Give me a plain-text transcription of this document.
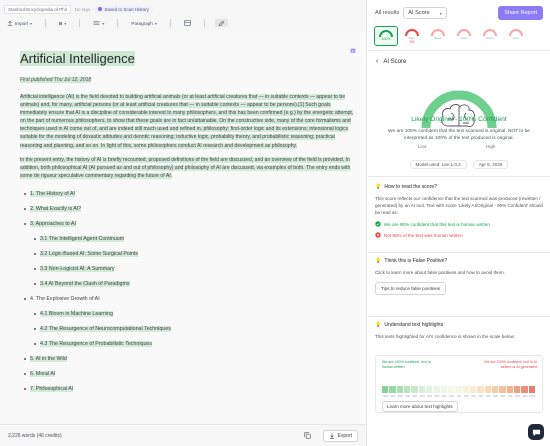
Stanford Encyclopedia of Phil	No tags	Saved to Scan History
Import ▾	B ▾	▾	Paragraph ▾
Artificial Intelligence
First published Thu Jul 12, 2018
Artificial intelligence (AI) is the field devoted to building artificial animals (or at least artificial creatures that — in suitable contexts — appear to be animals) and, for many, artificial persons (or at least artificial creatures that — in suitable contexts — appear to be persons).[1] Such goals immediately ensure that AI is a discipline of considerable interest to many philosophers, and this has been confirmed (e.g.) by the energetic attempt, on the part of numerous philosophers, to show that these goals are in fact un/attainable. On the constructive side, many of the core formalisms and techniques used in AI come out of, and are indeed still much used and refined in, philosophy: first-order logic and its extensions; intensional logics suitable for the modeling of doxastic attitudes and deontic reasoning; inductive logic, probability theory, and probabilistic reasoning; practical reasoning and planning, and so on. In light of this, some philosophers conduct AI research and development as philosophy.
In the present entry, the history of AI is briefly recounted, proposed definitions of the field are discussed, and an overview of the field is provided. In addition, both philosophical AI (AI pursued as and out of philosophy) and philosophy of AI are discussed, via examples of both. The entry ends with some de rigueur speculative commentary regarding the future of AI.
1. The History of AI
2. What Exactly is AI?
3. Approaches to AI
3.1 The Intelligent Agent Continuum
3.2 Logic-Based AI: Some Surgical Points
3.3 Non-Logicist AI: A Summary
3.4 AI Beyond the Clash of Paradigms
4. The Explosive Growth of AI
4.1 Bloom in Machine Learning
4.2 The Resurgence of Neurocomputational Techniques
4.3 The Resurgence of Probabilistic Techniques
5. AI in the Wild
6. Moral AI
7. Philosophical AI
2,226 words (46 credits)	Export
All results AI Score	▾	Share Report
100%	Plag.
9%
Read.	Fact	Gram.	Cont.
‹ AI Score
Low	High
Likely Original - 100% Confident
We are 100% confident that the text scanned is original. NOT to be interpreted as 100% of the text produced is original.
Model used: Lite 1.0.2	Apr 6, 2026
💡 How to read the score?

This score reflects our confidence that the text scanned was produced (rewritten / generated) by an AI tool. Text with score 'Likely AI/Original - 90% Confident' should be read as:

We are 90% confident that this text is human written
Not 90% of the text was human written
💡 Think this is False Positive?

Click to learn more about false positives and how to avoid them.

Tips to reduce false positives
💡 Understand text highlights

This texts highlighted for AI's confidence is shown in the scale below.

We are 100% confident, text is human written
We are 100% confident, text is AI written or AI generated
100% 90%	80%	70%	60%	50%	40%	30%	20%	10%	0%	10%	20%	30%	40%	50%	60%	70%	80%	90% 100%
Learn more about text highlights
